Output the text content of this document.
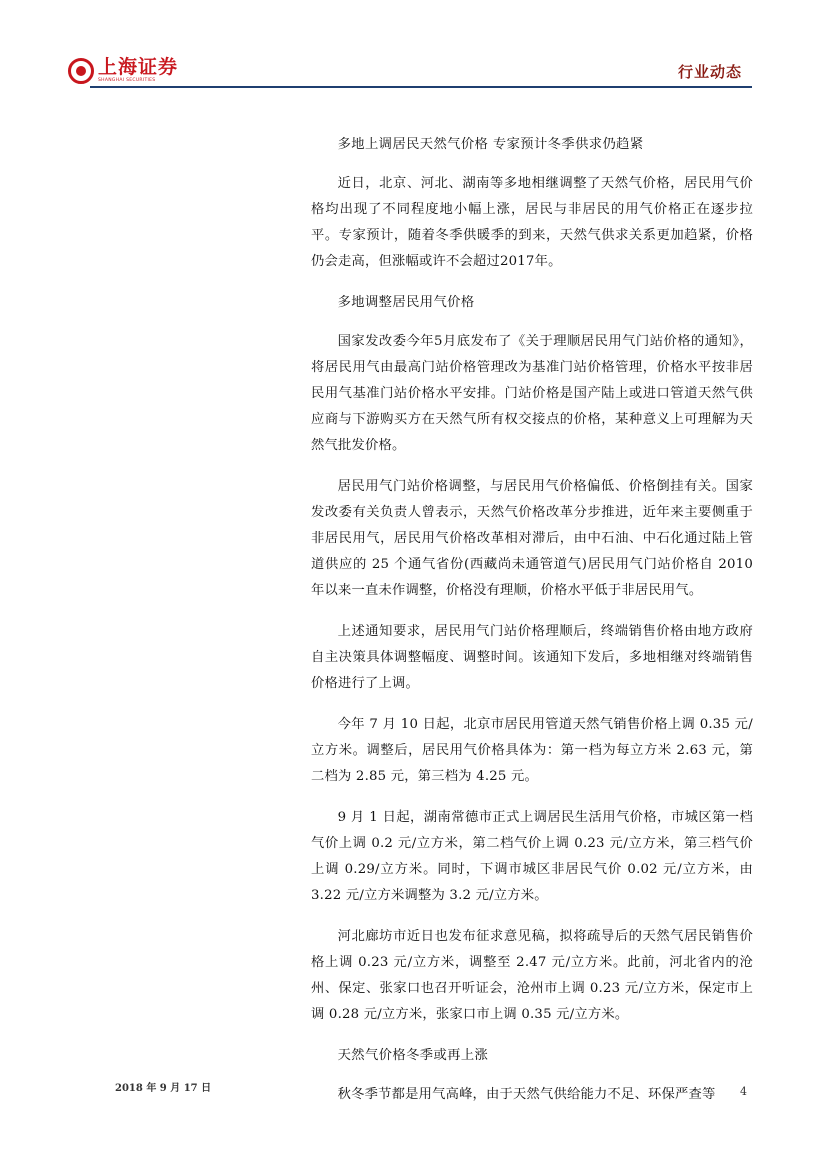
上海证券
SHANGHAI SECURITIES	行业动态

多地上调居民天然气价格 专家预计冬季供求仍趋紧

近日，北京、河北、湖南等多地相继调整了天然气价格，居民用气价格均出现了不同程度地小幅上涨，居民与非居民的用气价格正在逐步拉平。专家预计，随着冬季供暖季的到来，天然气供求关系更加趋紧，价格仍会走高，但涨幅或许不会超过2017年。

多地调整居民用气价格

国家发改委今年5月底发布了《关于理顺居民用气门站价格的通知》，将居民用气由最高门站价格管理改为基准门站价格管理，价格水平按非居民用气基准门站价格水平安排。门站价格是国产陆上或进口管道天然气供应商与下游购买方在天然气所有权交接点的价格，某种意义上可理解为天然气批发价格。

居民用气门站价格调整，与居民用气价格偏低、价格倒挂有关。国家发改委有关负责人曾表示，天然气价格改革分步推进，近年来主要侧重于非居民用气，居民用气价格改革相对滞后，由中石油、中石化通过陆上管道供应的 25 个通气省份(西藏尚未通管道气)居民用气门站价格自 2010 年以来一直未作调整，价格没有理顺，价格水平低于非居民用气。

上述通知要求，居民用气门站价格理顺后，终端销售价格由地方政府自主决策具体调整幅度、调整时间。该通知下发后，多地相继对终端销售价格进行了上调。

今年 7 月 10 日起，北京市居民用管道天然气销售价格上调 0.35 元/立方米。调整后，居民用气价格具体为：第一档为每立方米 2.63 元，第二档为 2.85 元，第三档为 4.25 元。

9 月 1 日起，湖南常德市正式上调居民生活用气价格，市城区第一档气价上调 0.2 元/立方米，第二档气价上调 0.23 元/立方米，第三档气价上调 0.29/立方米。同时，下调市城区非居民气价 0.02 元/立方米，由 3.22 元/立方米调整为 3.2 元/立方米。

河北廊坊市近日也发布征求意见稿，拟将疏导后的天然气居民销售价格上调 0.23 元/立方米，调整至 2.47 元/立方米。此前，河北省内的沧州、保定、张家口也召开听证会，沧州市上调 0.23 元/立方米，保定市上调 0.28 元/立方米，张家口市上调 0.35 元/立方米。

天然气价格冬季或再上涨

秋冬季节都是用气高峰，由于天然气供给能力不足、环保严查等

2018 年 9 月 17 日	4
